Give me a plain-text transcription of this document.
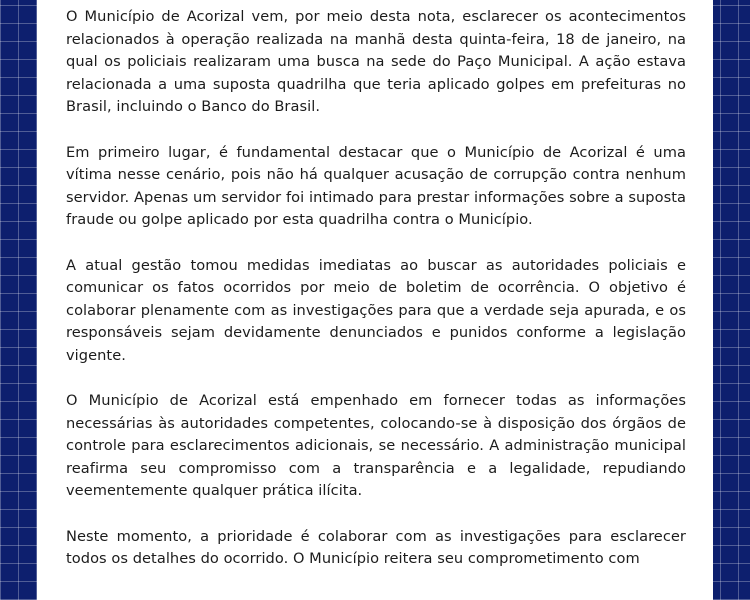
O Município de Acorizal vem, por meio desta nota, esclarecer os acontecimentos relacionados à operação realizada na manhã desta quinta-feira, 18 de janeiro, na qual os policiais realizaram uma busca na sede do Paço Municipal. A ação estava relacionada a uma suposta quadrilha que teria aplicado golpes em prefeituras no Brasil, incluindo o Banco do Brasil.

Em primeiro lugar, é fundamental destacar que o Município de Acorizal é uma vítima nesse cenário, pois não há qualquer acusação de corrupção contra nenhum servidor. Apenas um servidor foi intimado para prestar informações sobre a suposta fraude ou golpe aplicado por esta quadrilha contra o Município.

A atual gestão tomou medidas imediatas ao buscar as autoridades policiais e comunicar os fatos ocorridos por meio de boletim de ocorrência. O objetivo é colaborar plenamente com as investigações para que a verdade seja apurada, e os responsáveis sejam devidamente denunciados e punidos conforme a legislação vigente.

O Município de Acorizal está empenhado em fornecer todas as informações necessárias às autoridades competentes, colocando-se à disposição dos órgãos de controle para esclarecimentos adicionais, se necessário. A administração municipal reafirma seu compromisso com a transparência e a legalidade, repudiando veementemente qualquer prática ilícita.

Neste momento, a prioridade é colaborar com as investigações para esclarecer todos os detalhes do ocorrido. O Município reitera seu comprometimento com
